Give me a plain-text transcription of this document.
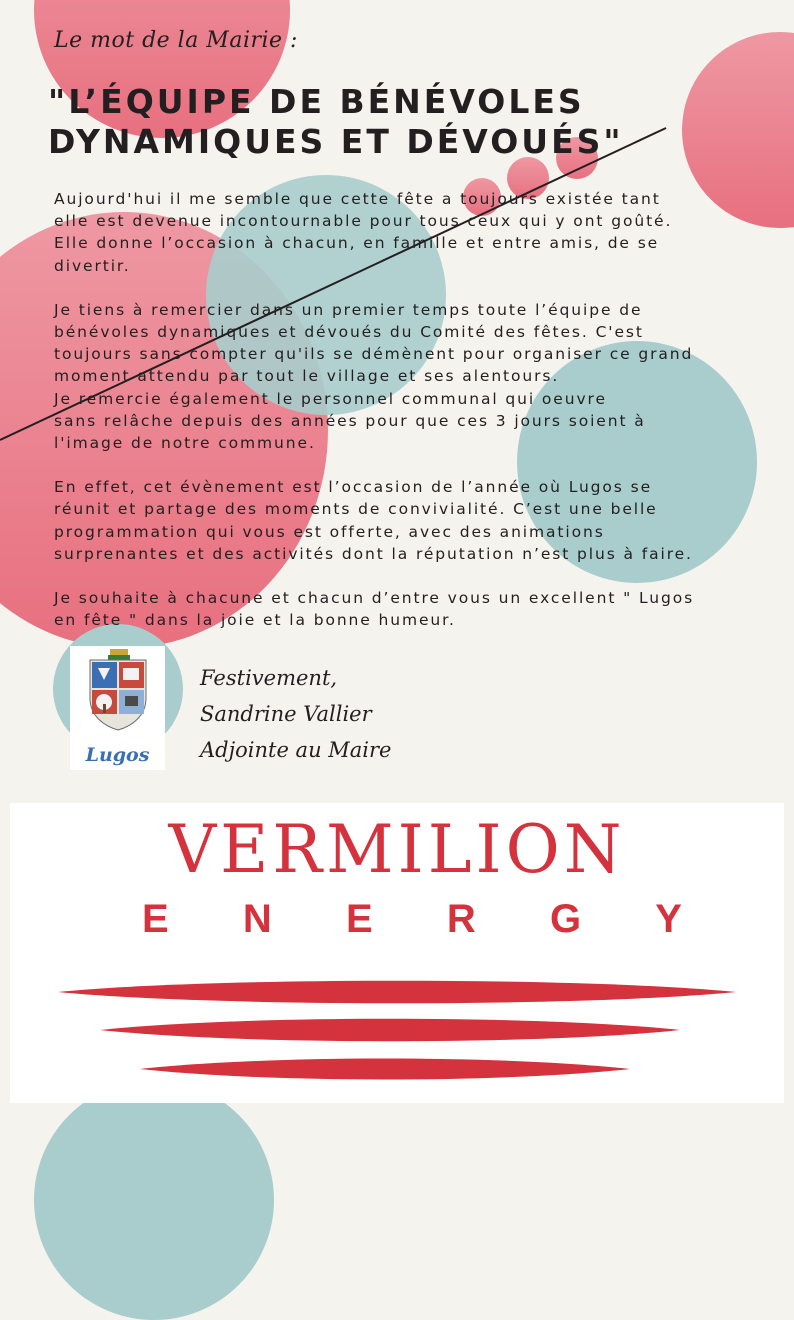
Le mot de la Mairie :
"L’ÉQUIPE DE BÉNÉVOLES
DYNAMIQUES ET DÉVOUÉS"

Aujourd'hui il me semble que cette fête a toujours existée tant
elle est devenue incontournable pour tous ceux qui y ont goûté.
Elle donne l’occasion à chacun, en famille et entre amis, de se
divertir.

Je tiens à remercier dans un premier temps toute l’équipe de
bénévoles dynamiques et dévoués du Comité des fêtes. C'est
toujours sans compter qu'ils se démènent pour organiser ce grand
moment attendu par tout le village et ses alentours.
Je remercie également le personnel communal qui oeuvre
sans relâche depuis des années pour que ces 3 jours soient à
l'image de notre commune.

En effet, cet évènement est l’occasion de l’année où Lugos se
réunit et partage des moments de convivialité. C’est une belle
programmation qui vous est offerte, avec des animations
surprenantes et des activités dont la réputation n’est plus à faire.

Je souhaite à chacune et chacun d’entre vous un excellent " Lugos
en fête " dans la joie et la bonne humeur.

Lugos
Festivement,
Sandrine Vallier
Adjointe au Maire
VERMILION
E N E R G Y
